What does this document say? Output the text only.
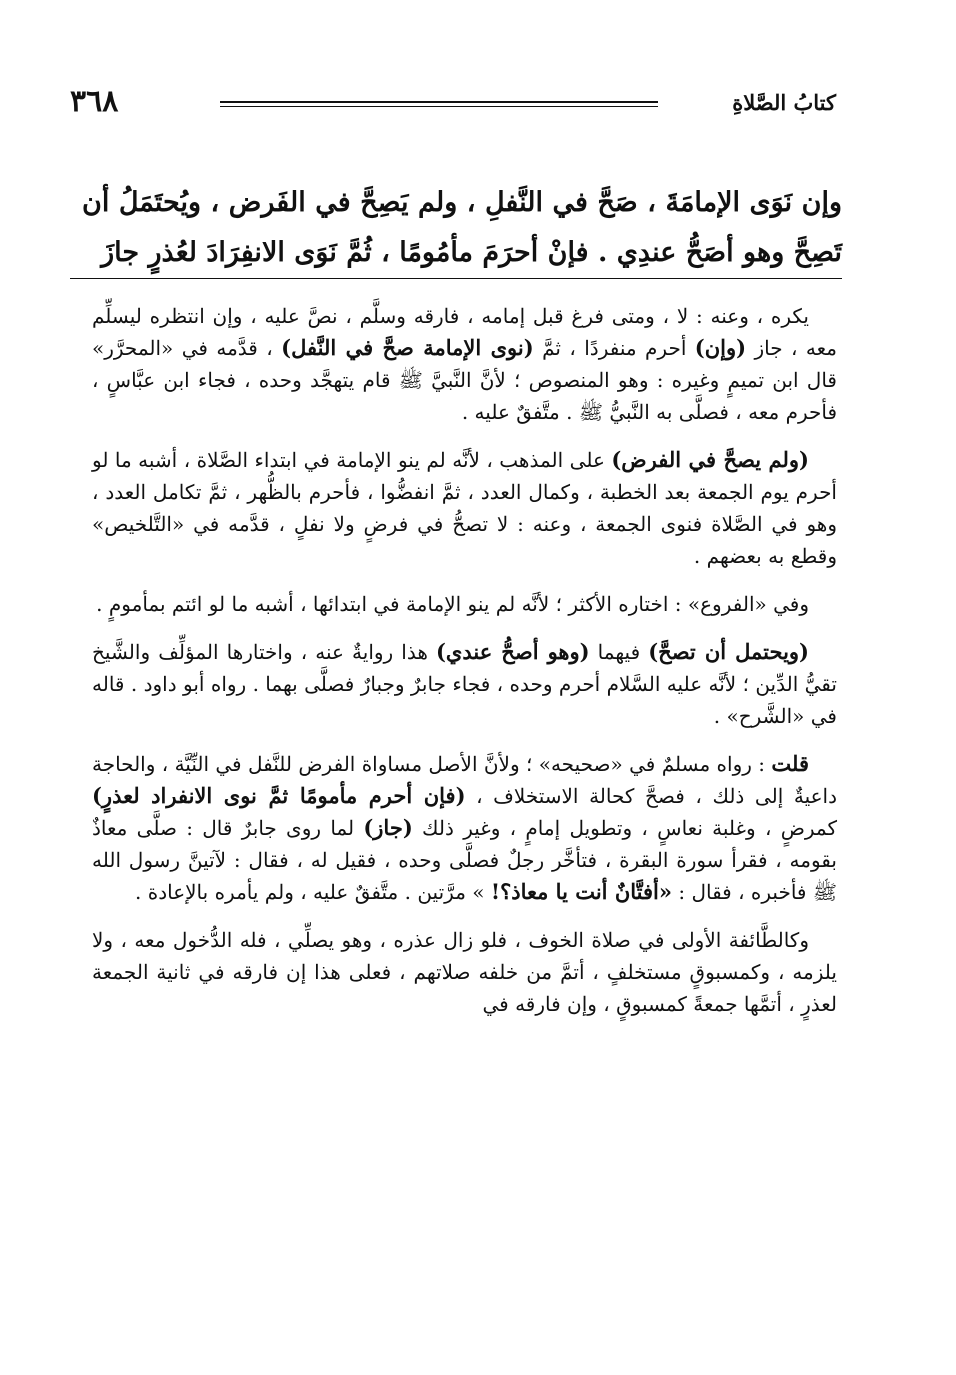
٣٦٨	كتابُ الصَّلاةِ

وإن نَوَى الإمامَةَ ، صَحَّ في النَّفلِ ، ولم يَصِحَّ في الفَرض ، ويُحتَمَلُ أن تَصِحَّ وهو أصَحُّ عندِي . فإنْ أحرَمَ مأمُومًا ، ثُمَّ نَوَى الانفِرَادَ لعُذرٍ جازَ

يكره ، وعنه : لا ، ومتى فرغ قبل إمامه ، فارقه وسلَّم ، نصَّ عليه ، وإن انتظره ليسلِّم معه ، جاز (وإن) أحرم منفردًا ، ثمَّ (نوى الإمامة صحَّ في النَّفل) ، قدَّمه في «المحرَّر» قال ابن تميمٍ وغيره : وهو المنصوص ؛ لأنَّ النَّبيَّ ﷺ قام يتهجَّد وحده ، فجاء ابن عبَّاسٍ ، فأحرم معه ، فصلَّى به النَّبيُّ ﷺ . متَّفقٌ عليه .

(ولم يصحَّ في الفرض) على المذهب ، لأنَّه لم ينو الإمامة في ابتداء الصَّلاة ، أشبه ما لو أحرم يوم الجمعة بعد الخطبة ، وكمال العدد ، ثمَّ انفضُّوا ، فأحرم بالظُّهر ، ثمَّ تكامل العدد ، وهو في الصَّلاة فنوى الجمعة ، وعنه : لا تصحُّ في فرضٍ ولا نفلٍ ، قدَّمه في «التَّلخيص» وقطع به بعضهم .

وفي «الفروع» : اختاره الأكثر ؛ لأنَّه لم ينو الإمامة في ابتدائها ، أشبه ما لو ائتم بمأمومٍ .

(ويحتمل أن تصحَّ) فيهما (وهو أصحُّ عندي) هذا روايةٌ عنه ، واختارها المؤلِّف والشَّيخ تقيُّ الدِّين ؛ لأنَّه عليه السَّلام أحرم وحده ، فجاء جابرٌ وجبارٌ فصلَّى بهما . رواه أبو داود . قاله في «الشَّرح» .

قلت : رواه مسلمٌ في «صحيحه» ؛ ولأنَّ الأصل مساواة الفرض للنَّفل في النِّيَّة ، والحاجة داعيةٌ إلى ذلك ، فصحَّ كحالة الاستخلاف ، (فإن أحرم مأمومًا ثمَّ نوى الانفراد لعذرٍ) كمرضٍ ، وغلبة نعاسٍ ، وتطويل إمامٍ ، وغير ذلك (جاز) لما روى جابرٌ قال : صلَّى معاذٌ بقومه ، فقرأ سورة البقرة ، فتأخَّر رجلٌ فصلَّى وحده ، فقيل له ، فقال : لآتينَّ رسول الله ﷺ فأخبره ، فقال : «أفتَّانٌ أنت يا معاذ؟! » مرَّتين . متَّفقٌ عليه ، ولم يأمره بالإعادة .

وكالطَّائفة الأولى في صلاة الخوف ، فلو زال عذره ، وهو يصلِّي ، فله الدُّخول معه ، ولا يلزمه ، وكمسبوقٍ مستخلفٍ ، أتمَّ من خلفه صلاتهم ، فعلى هذا إن فارقه في ثانية الجمعة لعذرٍ ، أتمَّها جمعةً كمسبوقٍ ، وإن فارقه في
